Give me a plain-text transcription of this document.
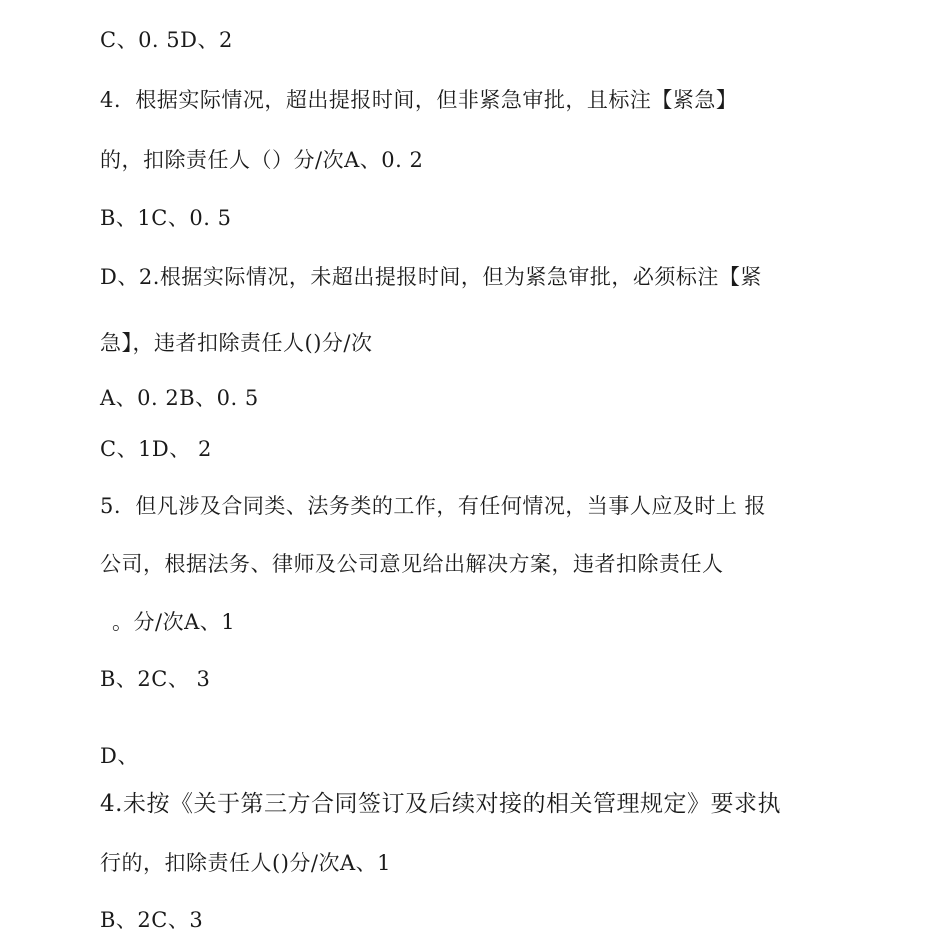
C、0. 5D、2
4.  根据实际情况，超出提报时间，但非紧急审批，且标注【紧急】
的，扣除责任人（）分/次A、0. 2
B、1C、0. 5
D、2.根据实际情况，未超出提报时间，但为紧急审批，必须标注【紧
急】，违者扣除责任人()分/次
A、0. 2B、0. 5
C、1D、 2
5.  但凡涉及合同类、法务类的工作，有任何情况，当事人应及时上 报
公司，根据法务、律师及公司意见给出解决方案，违者扣除责任人
。分/次A、1
B、2C、 3
D、
4.未按《关于第三方合同签订及后续对接的相关管理规定》要求执
行的，扣除责任人()分/次A、1
B、2C、3
